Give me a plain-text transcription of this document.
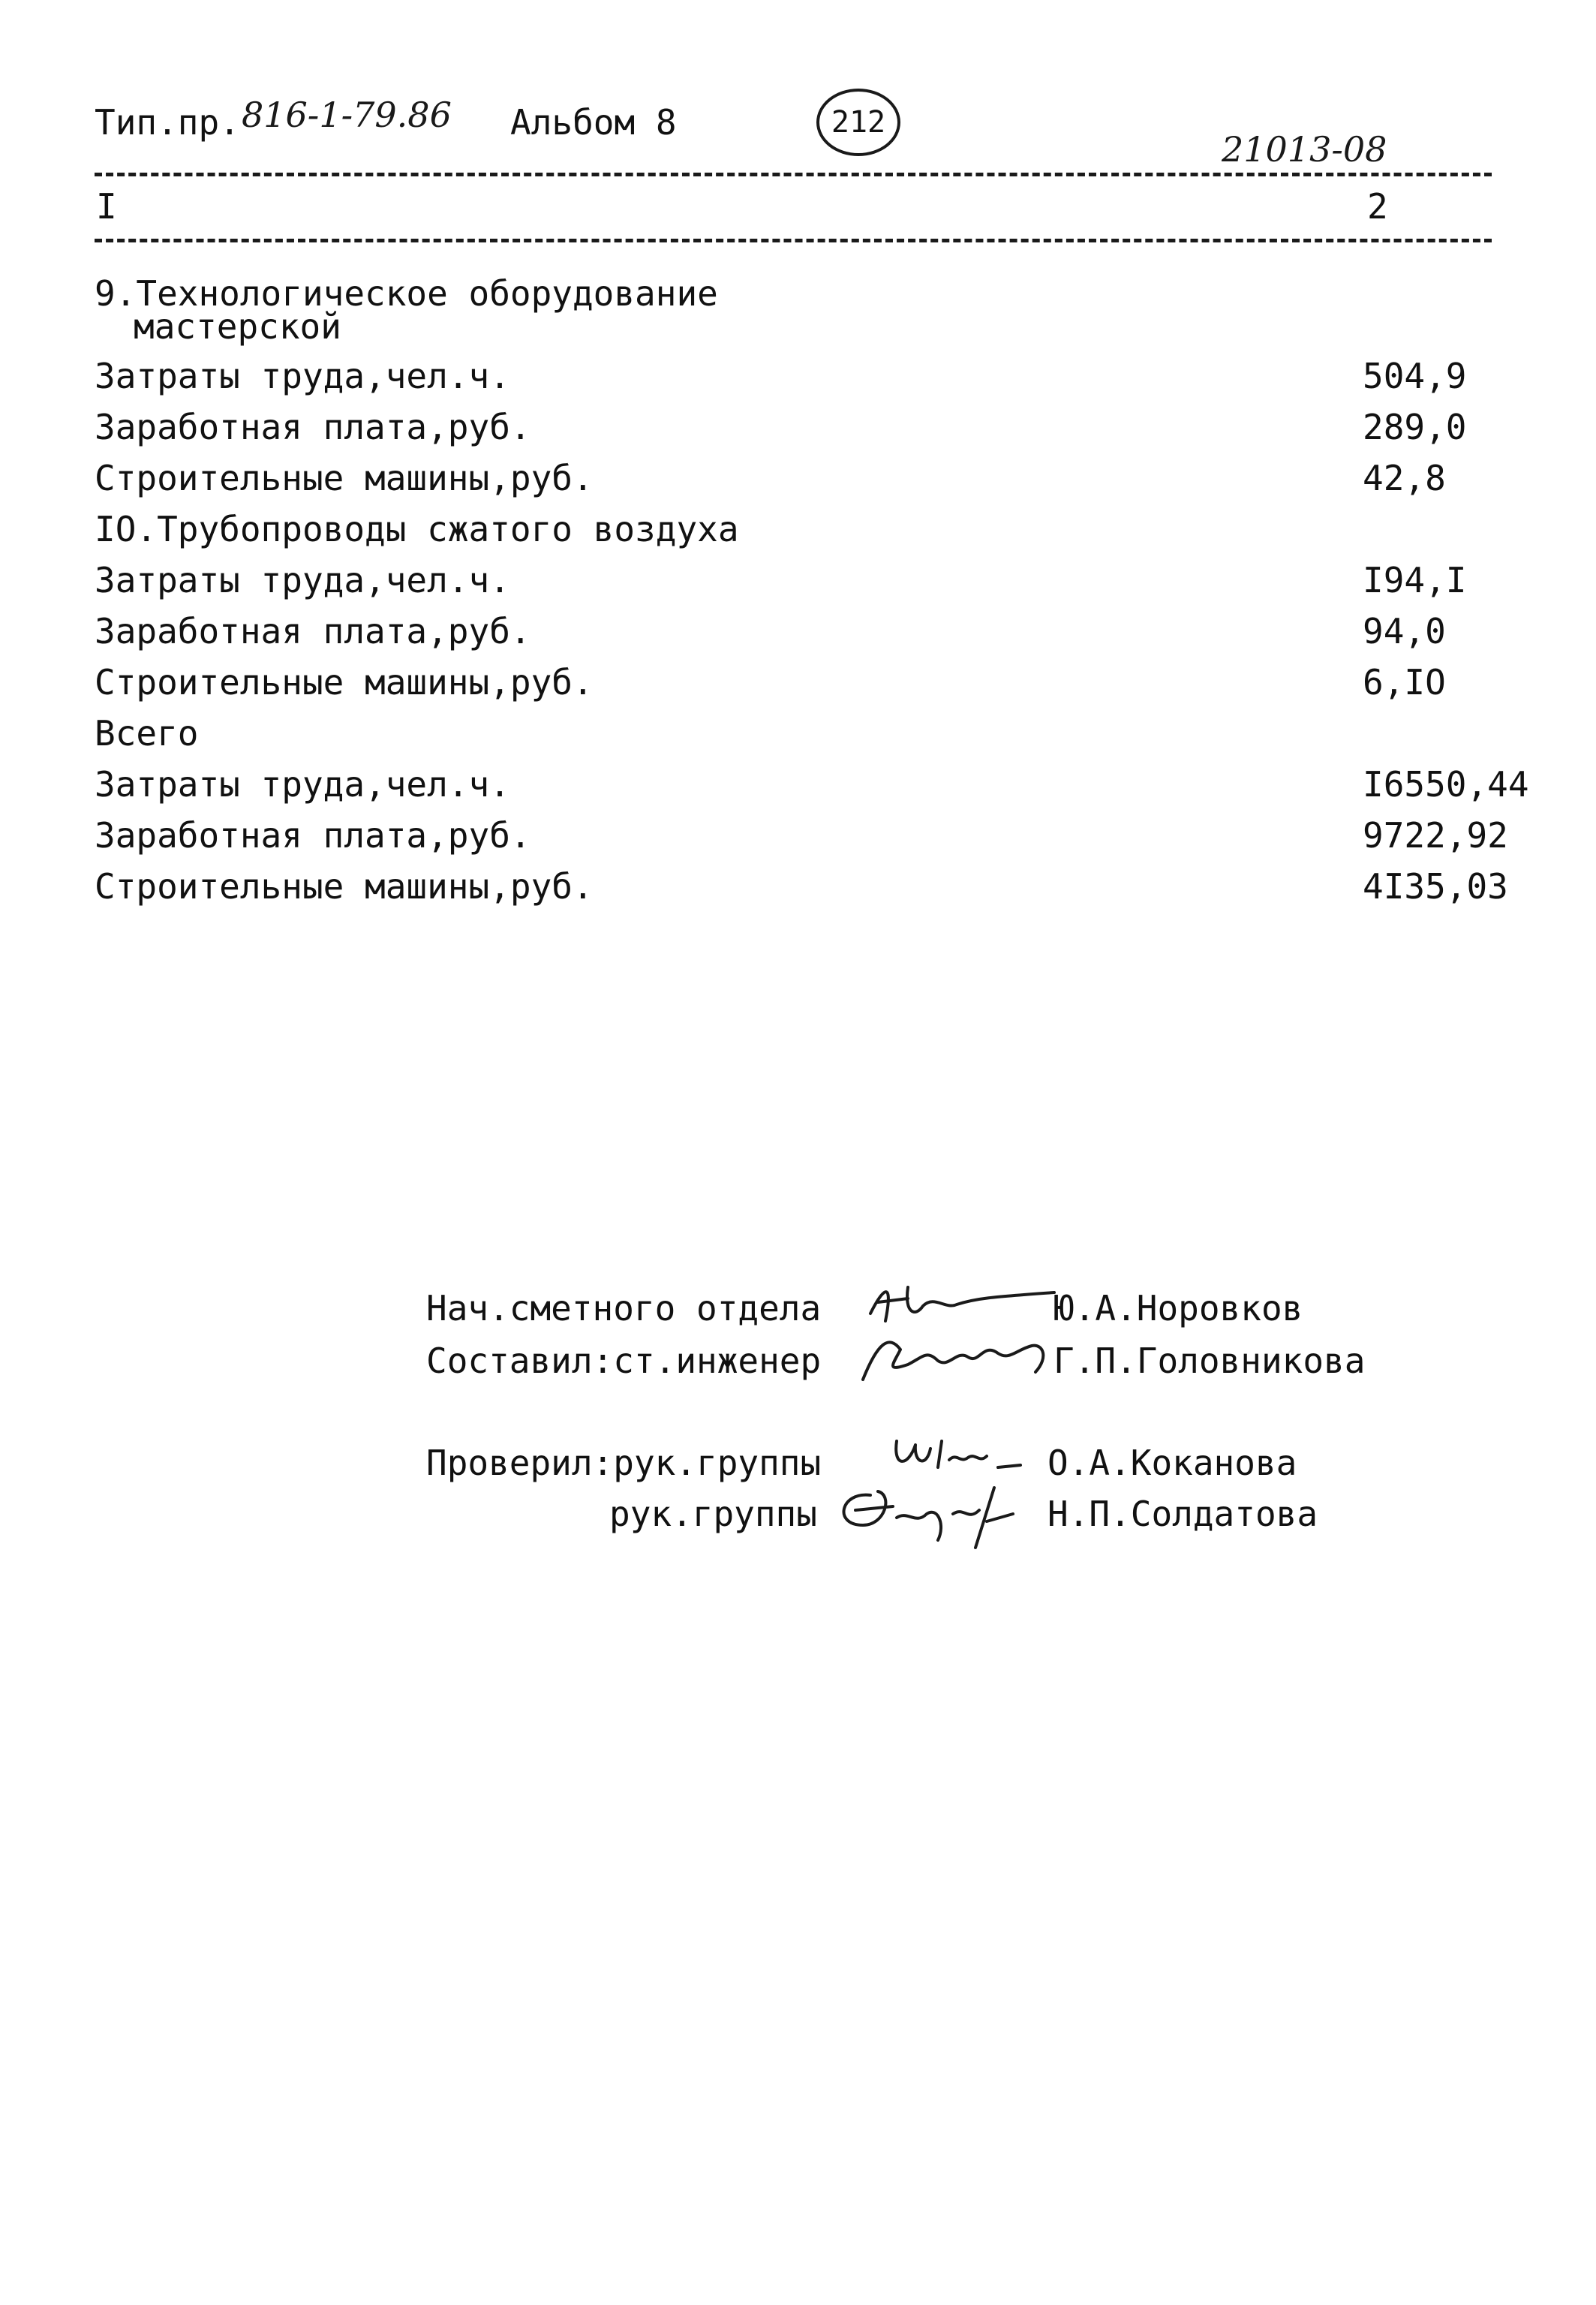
Тип.пр. 816-1-79.86 Альбом 8	212
21013-08
I	2
9.Технологическое оборудование
мастерской
Затраты труда,чел.ч.	504,9
Заработная плата,руб.	289,0
Строительные машины,руб.	42,8
IO.Трубопроводы сжатого воздуха
Затраты труда,чел.ч.	I94,I
Заработная плата,руб.	94,0
Строительные машины,руб.	6,IO
Всего
Затраты труда,чел.ч.	I6550,44
Заработная плата,руб.	9722,92
Строительные машины,руб.	4I35,03
Нач.сметного отдела	Ю.А.Норовков
Составил:ст.инженер	Г.П.Головникова
Проверил:рук.группы	О.А.Коканова
рук.группы	Н.П.Солдатова
